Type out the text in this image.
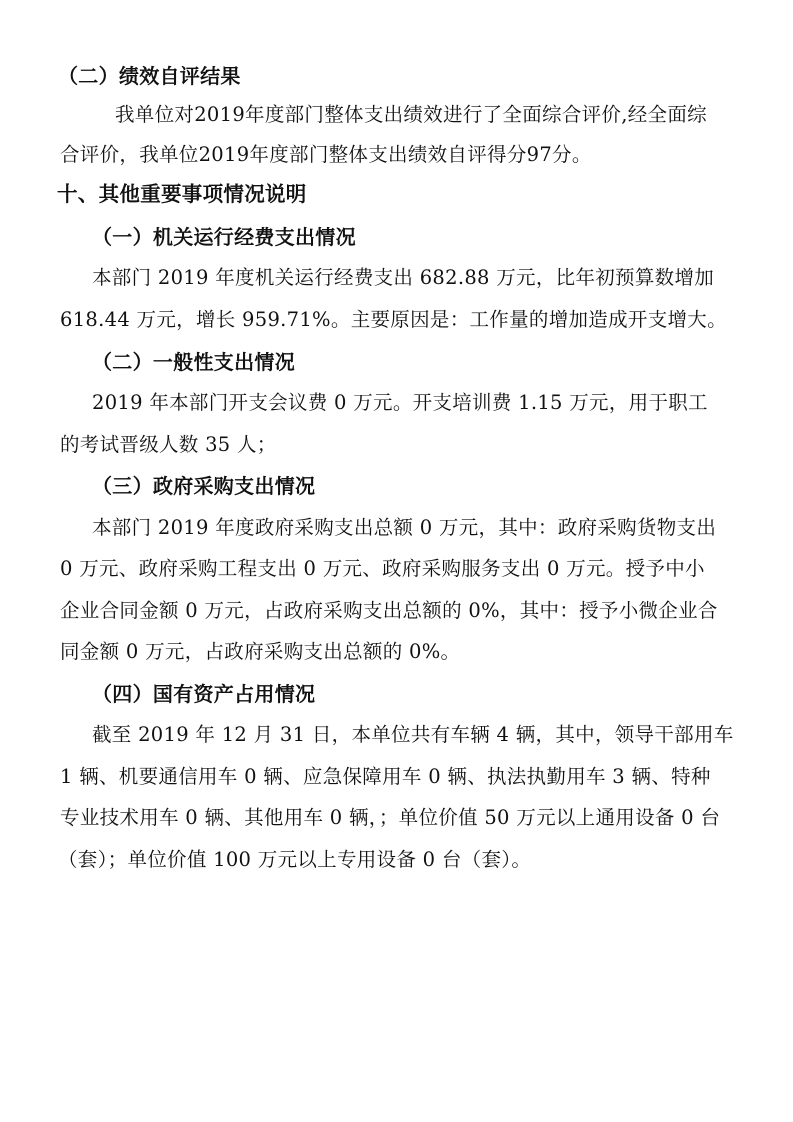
（二）绩效自评结果
我单位对2019年度部门整体支出绩效进行了全面综合评价,经全面综
合评价，我单位2019年度部门整体支出绩效自评得分97分。
十、其他重要事项情况说明
（一）机关运行经费支出情况
本部门 2019 年度机关运行经费支出 682.88 万元，比年初预算数增加
618.44 万元，增长 959.71%。主要原因是：工作量的增加造成开支增大。
（二）一般性支出情况
2019 年本部门开支会议费 0 万元。开支培训费 1.15 万元，用于职工
的考试晋级人数 35 人；
（三）政府采购支出情况
本部门 2019 年度政府采购支出总额 0 万元，其中：政府采购货物支出
0 万元、政府采购工程支出 0 万元、政府采购服务支出 0 万元。授予中小
企业合同金额 0 万元，占政府采购支出总额的 0%，其中：授予小微企业合
同金额 0 万元，占政府采购支出总额的 0%。
（四）国有资产占用情况
截至 2019 年 12 月 31 日，本单位共有车辆 4 辆，其中，领导干部用车
1 辆、机要通信用车 0 辆、应急保障用车 0 辆、执法执勤用车 3 辆、特种
专业技术用车 0 辆、其他用车 0 辆，；单位价值 50 万元以上通用设备 0 台
（套）；单位价值 100 万元以上专用设备 0 台（套）。
